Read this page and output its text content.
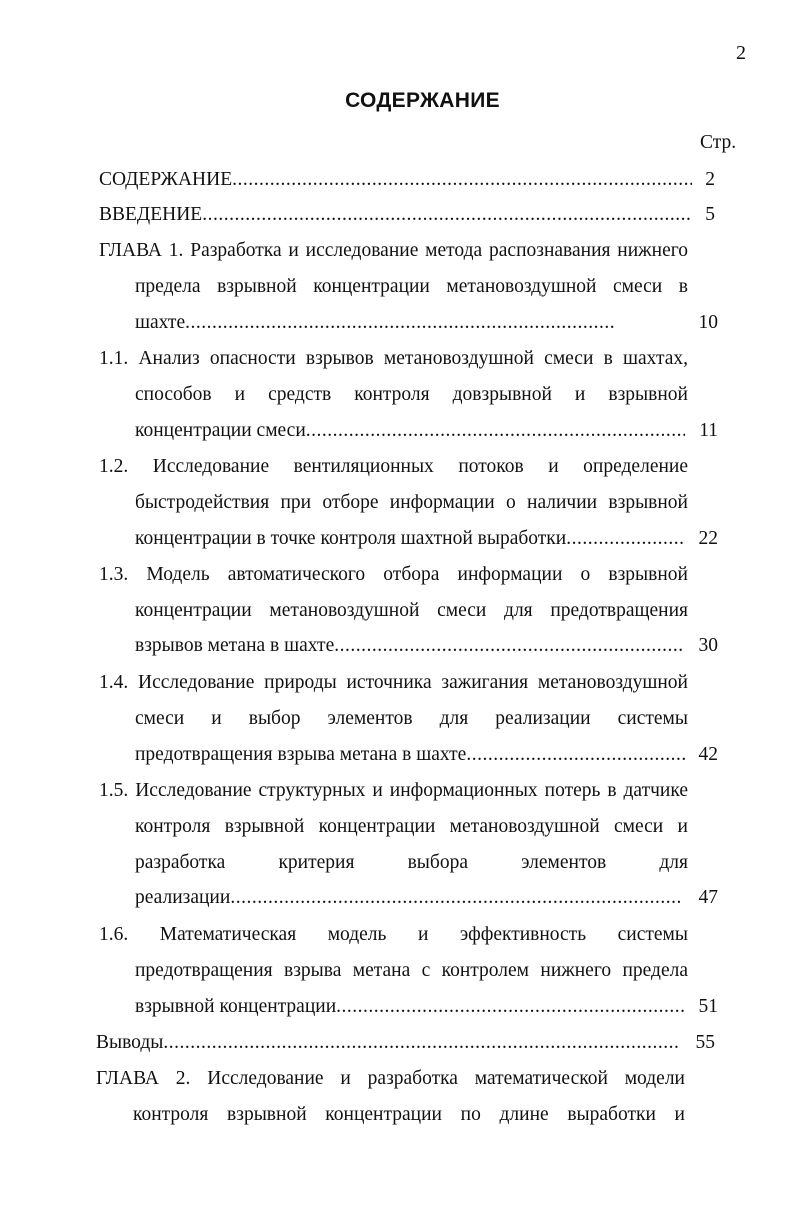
2
СОДЕРЖАНИЕ
Стр.
СОДЕРЖАНИЕ .....	2
ВВЕДЕНИЕ .....	5
ГЛАВА 1. Разработка и исследование метода распознавания нижнего
предела взрывной концентрации метановоздушной смеси в
шахте .....	10
1.1. Анализ опасности взрывов метановоздушной смеси в шахтах,
способов и средств контроля довзрывной и взрывной
концентрации смеси .....	11
1.2. Исследование вентиляционных потоков и определение
быстродействия при отборе информации о наличии взрывной
концентрации в точке контроля шахтной выработки .....	22
1.3. Модель автоматического отбора информации о взрывной
концентрации метановоздушной смеси для предотвращения
взрывов метана в шахте .....	30
1.4. Исследование природы источника зажигания метановоздушной
смеси и выбор элементов для реализации системы
предотвращения взрыва метана в шахте .....	42
1.5. Исследование структурных и информационных потерь в датчике
контроля взрывной концентрации метановоздушной смеси и
разработка критерия выбора элементов для
реализации .....	47
1.6. Математическая модель и эффективность системы
предотвращения взрыва метана с контролем нижнего предела
взрывной концентрации .....	51
Выводы .....	55
ГЛАВА 2. Исследование и разработка математической модели
контроля взрывной концентрации по длине выработки и
